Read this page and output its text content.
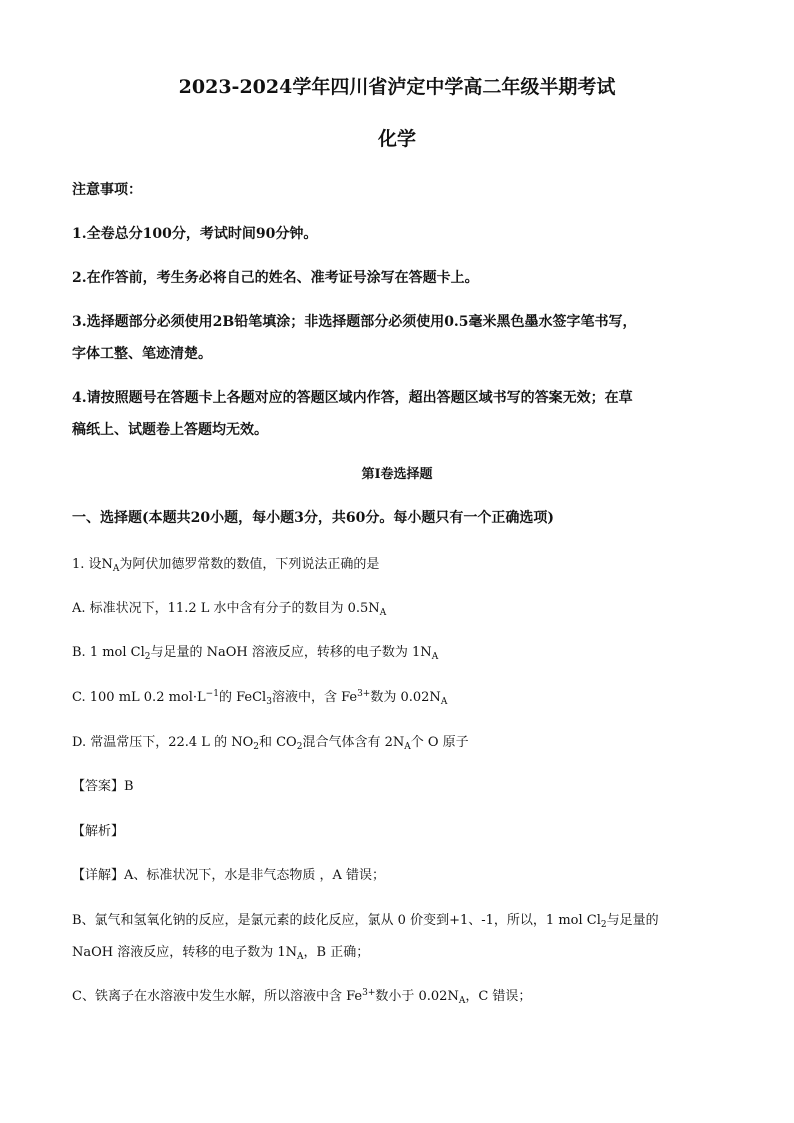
2023-2024学年四川省泸定中学高二年级半期考试
化学
注意事项：
1.全卷总分100分，考试时间90分钟。
2.在作答前，考生务必将自己的姓名、准考证号涂写在答题卡上。
3.选择题部分必须使用2B铅笔填涂；非选择题部分必须使用0.5毫米黑色墨水签字笔书写，
字体工整、笔迹清楚。
4.请按照题号在答题卡上各题对应的答题区域内作答，超出答题区域书写的答案无效；在草
稿纸上、试题卷上答题均无效。
第I卷选择题
一、选择题(本题共20小题，每小题3分，共60分。每小题只有一个正确选项)
1. 设$N_A$为阿伏加德罗常数的数值，下列说法正确的是
A. 标准状况下，11.2 L 水中含有分子的数目为 $0.5N_A$
B. 1 mol $Cl_2$与足量的 NaOH 溶液反应，转移的电子数为 $1N_A$
C. 100 mL 0.2 $mol\cdot L^{-1}$的 FeCl$_3$溶液中，含 $Fe^{3+}$数为 $0.02N_A$
D. 常温常压下，22.4 L 的 $NO_2$和 $CO_2$混合气体含有 $2N_A$个 O 原子
【答案】B
【解析】
【详解】A、标准状况下，水是非气态物质 ，A 错误；
B、氯气和氢氧化钠的反应，是氯元素的歧化反应，氯从 0 价变到+1、-1，所以，1 mol $Cl_2$与足量的
NaOH 溶液反应，转移的电子数为 $1N_A$，B 正确；
C、铁离子在水溶液中发生水解，所以溶液中含 $Fe^{3+}$数小于 $0.02N_A$，C 错误；
